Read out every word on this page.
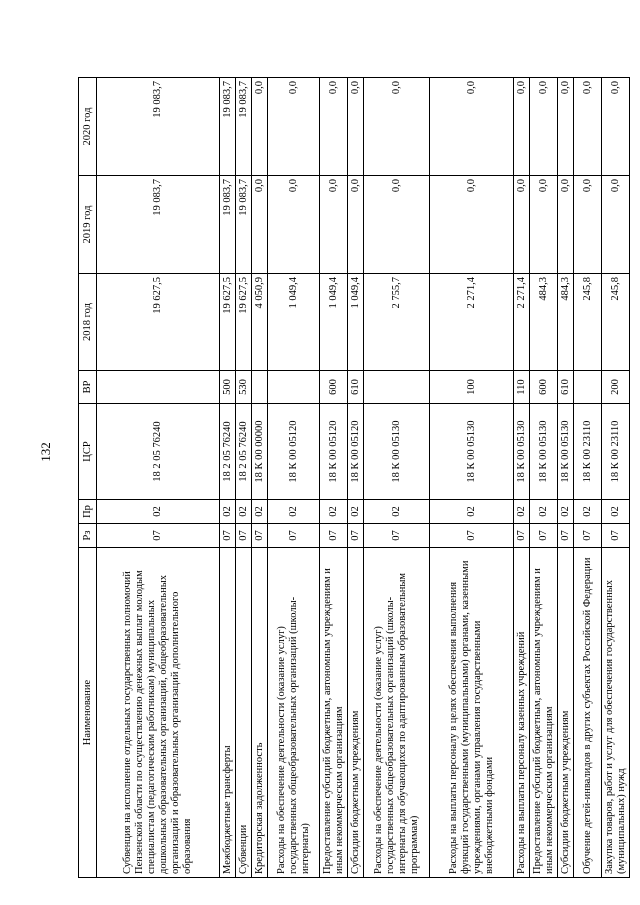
132
Наименование	Рз	Пр	ЦСР	ВР	2018 год	2019 год	2020 год
Субвенция на исполнение отдельных государственных полномочий Пензенской области по осуществлению денежных выплат молодым специалистам (педагогическим работникам) муниципальных дошкольных образовательных организаций, общеобразовательных организаций и образовательных организаций дополнительного образования	07	02	18 2 05 76240		19 627,5	19 083,7	19 083,7
Межбюджетные трансферты	07	02	18 2 05 76240	500	19 627,5	19 083,7	19 083,7
Субвенции	07	02	18 2 05 76240	530	19 627,5	19 083,7	19 083,7
Кредиторская задолженность	07	02	18 К 00 00000		4 050,9	0,0	0,0
Расходы на обеспечение деятельности (оказание услуг) государственных общеобразовательных организаций (школы-интернаты)	07	02	18 К 00 05120		1 049,4	0,0	0,0
Предоставление субсидий бюджетным, автономным учреждениям и иным некоммерческим организациям	07	02	18 К 00 05120	600	1 049,4	0,0	0,0
Субсидии бюджетным учреждениям	07	02	18 К 00 05120	610	1 049,4	0,0	0,0
Расходы на обеспечение деятельности (оказание услуг) государственных общеобразовательных организаций (школы-интернаты для обучающихся по адаптированным образовательным программам)	07	02	18 К 00 05130		2 755,7	0,0	0,0
Расходы на выплаты персоналу в целях обеспечения выполнения функций государственными (муниципальными) органами, казенными учреждениями, органами управления государственными внебюджетными фондами	07	02	18 К 00 05130	100	2 271,4	0,0	0,0
Расходы на выплаты персоналу казенных учреждений	07	02	18 К 00 05130	110	2 271,4	0,0	0,0
Предоставление субсидий бюджетным, автономным учреждениям и иным некоммерческим организациям	07	02	18 К 00 05130	600	484,3	0,0	0,0
Субсидии бюджетным учреждениям	07	02	18 К 00 05130	610	484,3	0,0	0,0
Обучение детей-инвалидов в других субъектах Российской Федерации	07	02	18 К 00 23110		245,8	0,0	0,0
Закупка товаров, работ и услуг для обеспечения государственных (муниципальных) нужд	07	02	18 К 00 23110	200	245,8	0,0	0,0
